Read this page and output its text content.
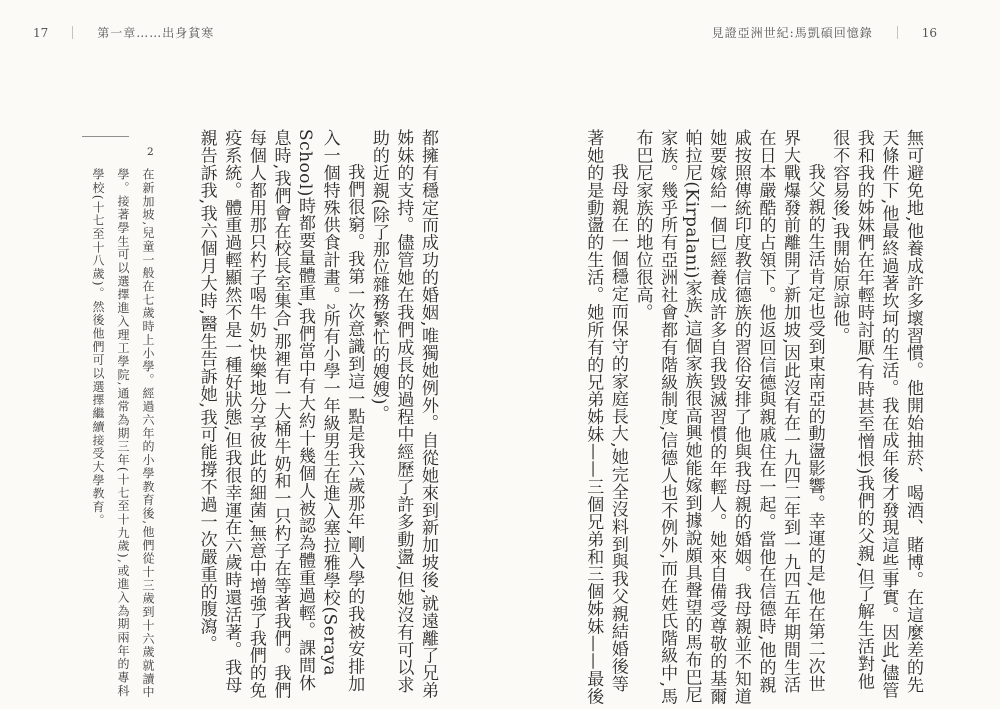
17	第一章……出身貧寒

都擁有穩定而成功的婚姻,唯獨她例外。自從她來到新加坡後,就遠離了兄弟姊妹的支持。儘管她在我們成長的過程中經歷了許多動盪,但她沒有可以求助的近親(除了那位雜務繁忙的嫂嫂)。

我們很窮。我第一次意識到這一點是我六歲那年,剛入學的我被安排加入一個特殊供食計畫。2所有小學一年級男生在進入塞拉雅學校(Seraya School)時都要量體重,我們當中有大約十幾個人被認為體重過輕。課間休息時,我們會在校長室集合,那裡有一大桶牛奶和一只杓子在等著我們。我們每個人都用那只杓子喝牛奶,快樂地分享彼此的細菌,無意中增強了我們的免疫系統。體重過輕顯然不是一種好狀態,但我很幸運在六歲時還活著。我母親告訴我,我六個月大時,醫生告訴她,我可能撐不過一次嚴重的腹瀉。

2

在新加坡,兒童一般在七歲時上小學。經過六年的小學教育後,他們從十三歲到十六歲就讀中學。接著學生可以選擇進入理工學院,通常為期三年(十七至十九歲),或進入為期兩年的專科學校(十七至十八歲)。然後他們可以選擇繼續接受大學教育。

見證亞洲世紀:馬凱碩回憶錄	16

無可避免地,他養成許多壞習慣。他開始抽菸、喝酒、賭博。在這麼差的先天條件下,他最終過著坎坷的生活。我在成年後才發現這些事實。因此,儘管我和我的姊妹們在年輕時討厭(有時甚至憎恨)我們的父親,但了解生活對他很不容易後,我開始原諒他。

我父親的生活肯定也受到東南亞的動盪影響。幸運的是,他在第二次世界大戰爆發前離開了新加坡,因此沒有在一九四二年到一九四五年期間生活在日本嚴酷的占領下。他返回信德與親戚住在一起。當他在信德時,他的親戚按照傳統印度教信德族的習俗安排了他與我母親的婚姻。我母親並不知道她要嫁給一個已經養成許多自我毀滅習慣的年輕人。她來自備受尊敬的基爾帕拉尼(Kirpalani)家族,這個家族很高興她能嫁到據說頗具聲望的馬布巴尼家族。幾乎所有亞洲社會都有階級制度,信德人也不例外,而在姓氏階級中,馬布巴尼家族的地位很高。

我母親在一個穩定而保守的家庭長大,她完全沒料到與我父親結婚後等著她的是動盪的生活。她所有的兄弟姊妹——三個兄弟和三個姊妹——最後
